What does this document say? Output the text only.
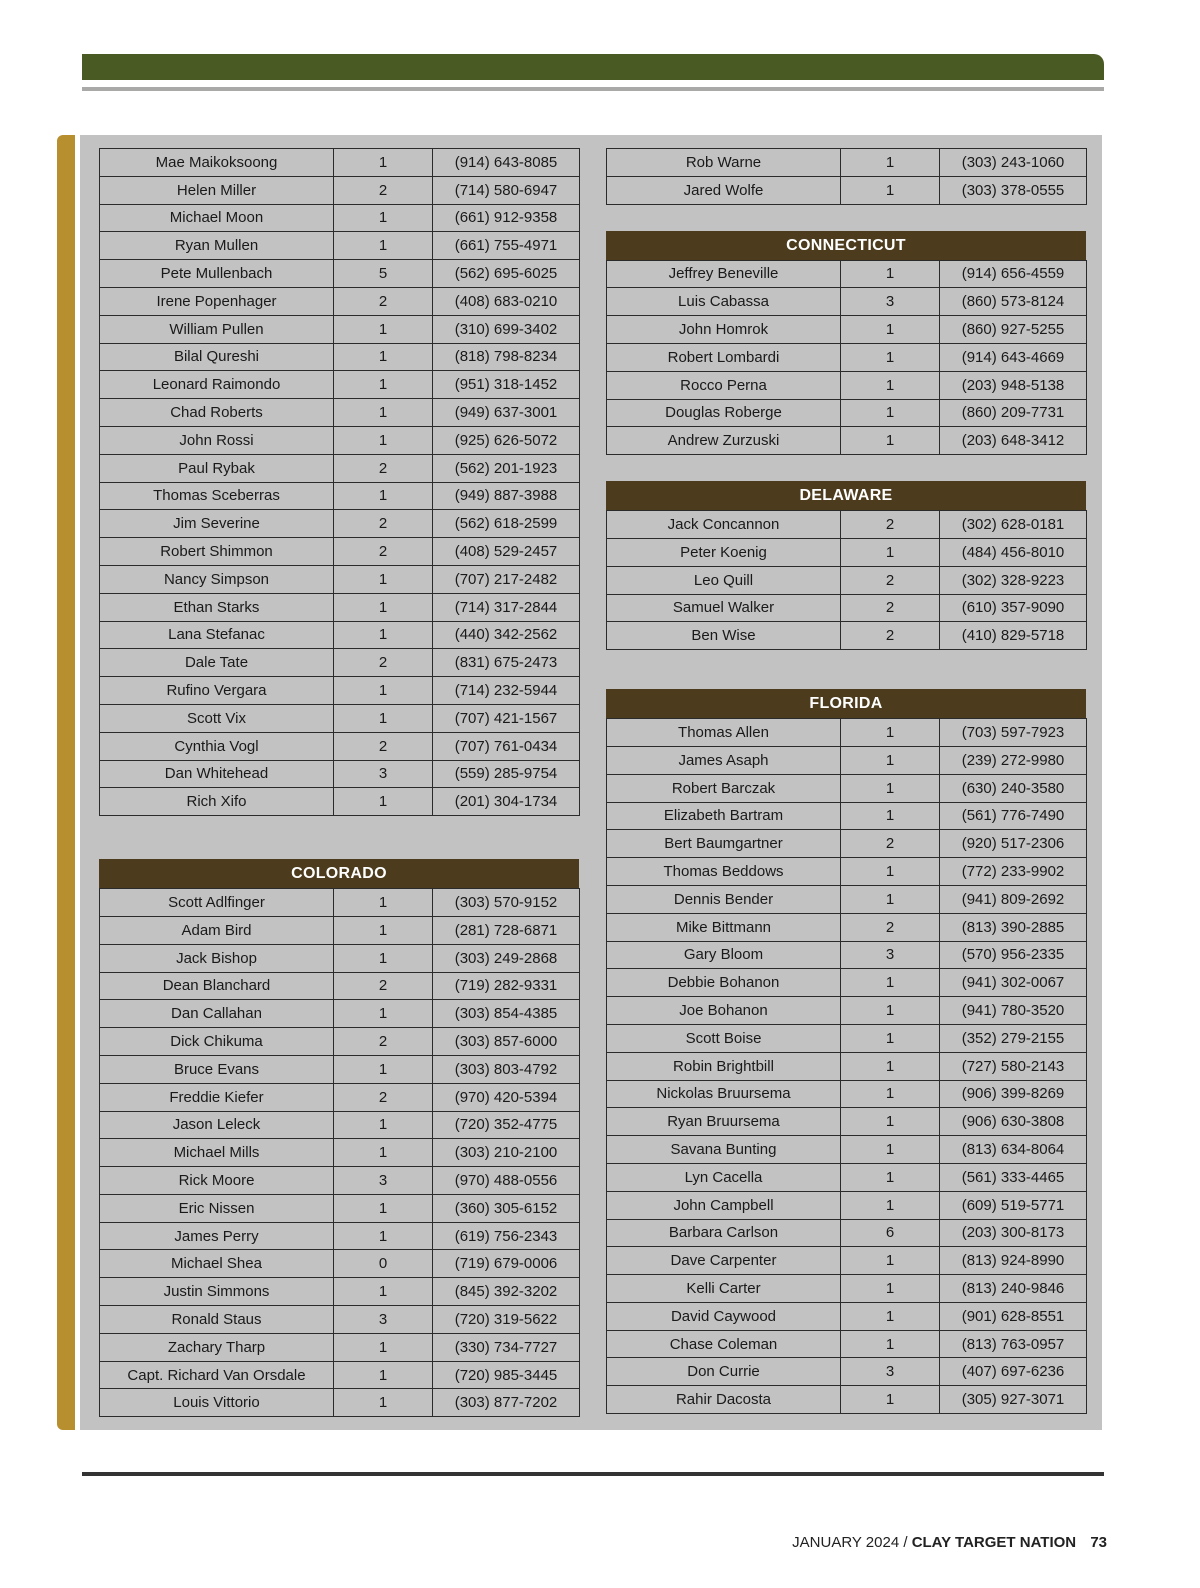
Mae Maikoksoong	1	(914) 643-8085
Helen Miller	2	(714) 580-6947
Michael Moon	1	(661) 912-9358
Ryan Mullen	1	(661) 755-4971
Pete Mullenbach	5	(562) 695-6025
Irene Popenhager	2	(408) 683-0210
William Pullen	1	(310) 699-3402
Bilal Qureshi	1	(818) 798-8234
Leonard Raimondo	1	(951) 318-1452
Chad Roberts	1	(949) 637-3001
John Rossi	1	(925) 626-5072
Paul Rybak	2	(562) 201-1923
Thomas Sceberras	1	(949) 887-3988
Jim Severine	2	(562) 618-2599
Robert Shimmon	2	(408) 529-2457
Nancy Simpson	1	(707) 217-2482
Ethan Starks	1	(714) 317-2844
Lana Stefanac	1	(440) 342-2562
Dale Tate	2	(831) 675-2473
Rufino Vergara	1	(714) 232-5944
Scott Vix	1	(707) 421-1567
Cynthia Vogl	2	(707) 761-0434
Dan Whitehead	3	(559) 285-9754
Rich Xifo	1	(201) 304-1734
COLORADO
Scott Adlfinger	1	(303) 570-9152
Adam Bird	1	(281) 728-6871
Jack Bishop	1	(303) 249-2868
Dean Blanchard	2	(719) 282-9331
Dan Callahan	1	(303) 854-4385
Dick Chikuma	2	(303) 857-6000
Bruce Evans	1	(303) 803-4792
Freddie Kiefer	2	(970) 420-5394
Jason Leleck	1	(720) 352-4775
Michael Mills	1	(303) 210-2100
Rick Moore	3	(970) 488-0556
Eric Nissen	1	(360) 305-6152
James Perry	1	(619) 756-2343
Michael Shea	0	(719) 679-0006
Justin Simmons	1	(845) 392-3202
Ronald Staus	3	(720) 319-5622
Zachary Tharp	1	(330) 734-7727
Capt. Richard Van Orsdale	1	(720) 985-3445
Louis Vittorio	1	(303) 877-7202
Rob Warne	1	(303) 243-1060
Jared Wolfe	1	(303) 378-0555
CONNECTICUT
Jeffrey Beneville	1	(914) 656-4559
Luis Cabassa	3	(860) 573-8124
John Homrok	1	(860) 927-5255
Robert Lombardi	1	(914) 643-4669
Rocco Perna	1	(203) 948-5138
Douglas Roberge	1	(860) 209-7731
Andrew Zurzuski	1	(203) 648-3412
DELAWARE
Jack Concannon	2	(302) 628-0181
Peter Koenig	1	(484) 456-8010
Leo Quill	2	(302) 328-9223
Samuel Walker	2	(610) 357-9090
Ben Wise	2	(410) 829-5718
FLORIDA
Thomas Allen	1	(703) 597-7923
James Asaph	1	(239) 272-9980
Robert Barczak	1	(630) 240-3580
Elizabeth Bartram	1	(561) 776-7490
Bert Baumgartner	2	(920) 517-2306
Thomas Beddows	1	(772) 233-9902
Dennis Bender	1	(941) 809-2692
Mike Bittmann	2	(813) 390-2885
Gary Bloom	3	(570) 956-2335
Debbie Bohanon	1	(941) 302-0067
Joe Bohanon	1	(941) 780-3520
Scott Boise	1	(352) 279-2155
Robin Brightbill	1	(727) 580-2143
Nickolas Bruursema	1	(906) 399-8269
Ryan Bruursema	1	(906) 630-3808
Savana Bunting	1	(813) 634-8064
Lyn Cacella	1	(561) 333-4465
John Campbell	1	(609) 519-5771
Barbara Carlson	6	(203) 300-8173
Dave Carpenter	1	(813) 924-8990
Kelli Carter	1	(813) 240-9846
David Caywood	1	(901) 628-8551
Chase Coleman	1	(813) 763-0957
Don Currie	3	(407) 697-6236
Rahir Dacosta	1	(305) 927-3071
JANUARY 2024 / CLAY TARGET NATION 73
